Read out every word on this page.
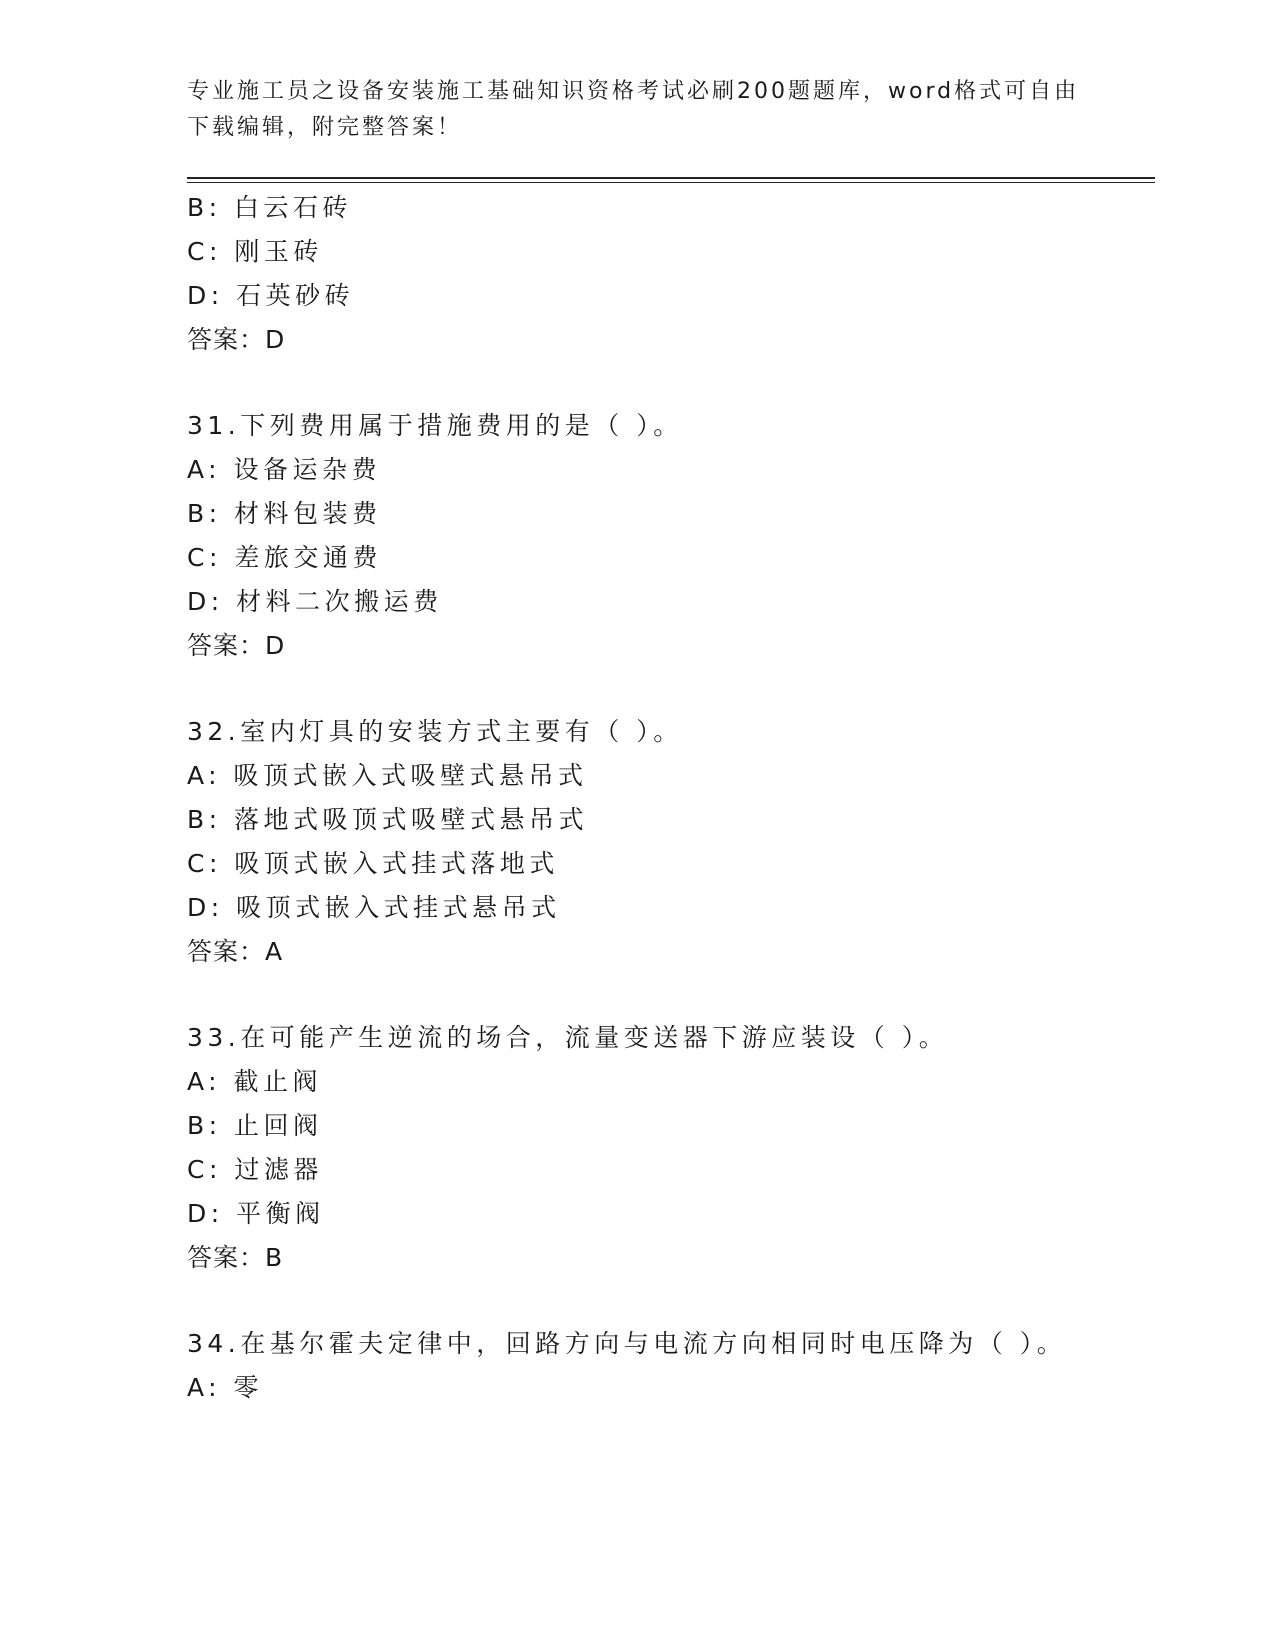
专业施工员之设备安装施工基础知识资格考试必刷200题题库，word格式可自由
下载编辑，附完整答案！
B: 白云石砖
C: 刚玉砖
D: 石英砂砖
答案：D
31.下列费用属于措施费用的是（ ）。
A: 设备运杂费
B: 材料包装费
C: 差旅交通费
D: 材料二次搬运费
答案：D
32.室内灯具的安装方式主要有（ ）。
A: 吸顶式嵌入式吸壁式悬吊式
B: 落地式吸顶式吸壁式悬吊式
C: 吸顶式嵌入式挂式落地式
D: 吸顶式嵌入式挂式悬吊式
答案：A
33.在可能产生逆流的场合，流量变送器下游应装设（ ）。
A: 截止阀
B: 止回阀
C: 过滤器
D: 平衡阀
答案：B
34.在基尔霍夫定律中，回路方向与电流方向相同时电压降为（ ）。
A: 零
